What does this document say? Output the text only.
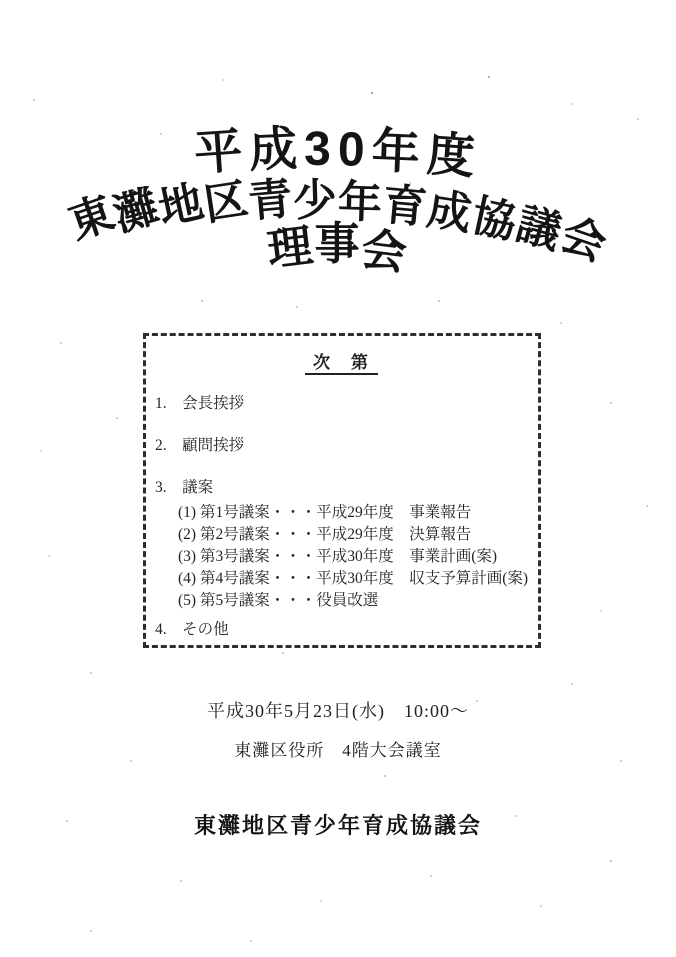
平成30年度
東灘地区青少年育成協議会
理事会
次　第
1.　会長挨拶
2.　顧問挨拶
3.　議案
(1) 第1号議案・・・平成29年度　事業報告
(2) 第2号議案・・・平成29年度　決算報告
(3) 第3号議案・・・平成30年度　事業計画(案)
(4) 第4号議案・・・平成30年度　収支予算計画(案)
(5) 第5号議案・・・役員改選
4.　その他
平成30年5月23日(水)　10:00～
東灘区役所　4階大会議室
東灘地区青少年育成協議会
